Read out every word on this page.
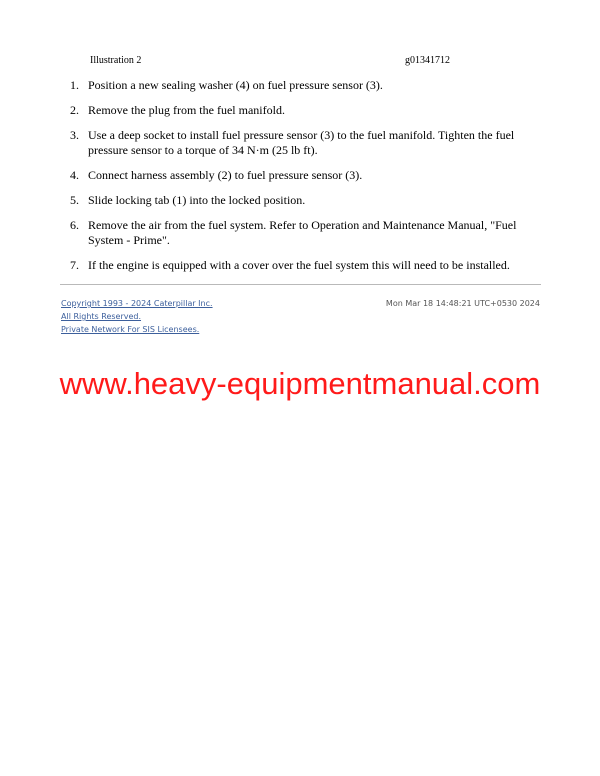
Illustration 2	g01341712
1. Position a new sealing washer (4) on fuel pressure sensor (3).
2. Remove the plug from the fuel manifold.
3. Use a deep socket to install fuel pressure sensor (3) to the fuel manifold. Tighten the fuel pressure sensor to a torque of 34 N·m (25 lb ft).
4. Connect harness assembly (2) to fuel pressure sensor (3).
5. Slide locking tab (1) into the locked position.
6. Remove the air from the fuel system. Refer to Operation and Maintenance Manual, "Fuel System - Prime".
7. If the engine is equipped with a cover over the fuel system this will need to be installed.
Copyright 1993 - 2024 Caterpillar Inc.
All Rights Reserved.
Private Network For SIS Licensees.
Mon Mar 18 14:48:21 UTC+0530 2024
www.heavy-equipmentmanual.com
